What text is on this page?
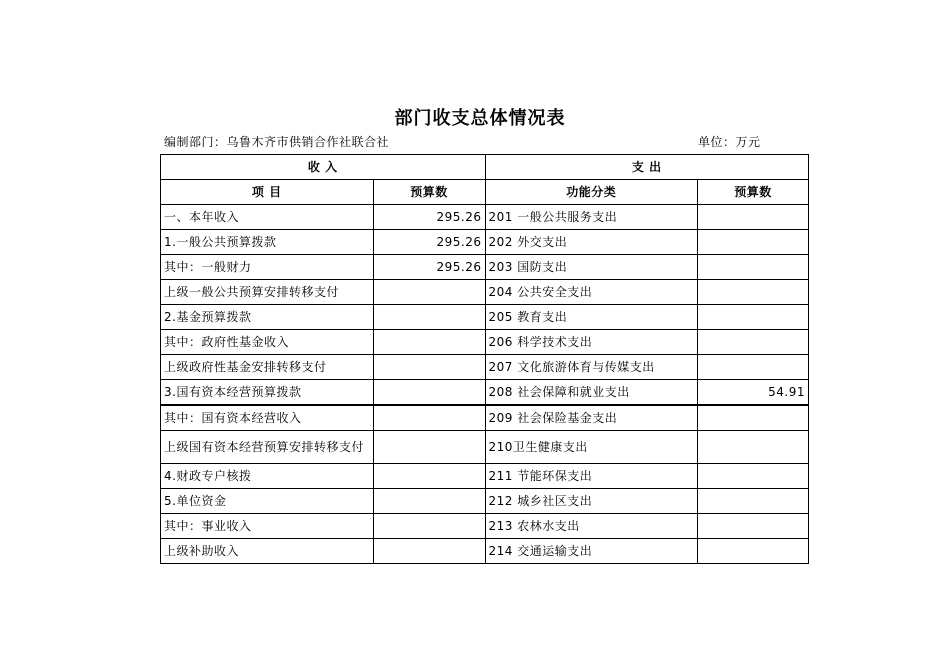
部门收支总体情况表
编制部门：乌鲁木齐市供销合作社联合社	单位：万元
收 入		支 出	
项 目	预算数	功能分类	预算数
一、本年收入	295.26	201 一般公共服务支出	
1.一般公共预算拨款	295.26	202 外交支出	
其中：一般财力	295.26	203 国防支出	
上级一般公共预算安排转移支付		204 公共安全支出	
2.基金预算拨款		205 教育支出	
其中：政府性基金收入		206 科学技术支出	
上级政府性基金安排转移支付		207 文化旅游体育与传媒支出	
3.国有资本经营预算拨款		208 社会保障和就业支出	54.91
其中：国有资本经营收入		209 社会保险基金支出	
上级国有资本经营预算安排转移支付		210卫生健康支出	
4.财政专户核拨		211 节能环保支出	
5.单位资金		212 城乡社区支出	
其中：事业收入		213 农林水支出	
上级补助收入		214 交通运输支出	
